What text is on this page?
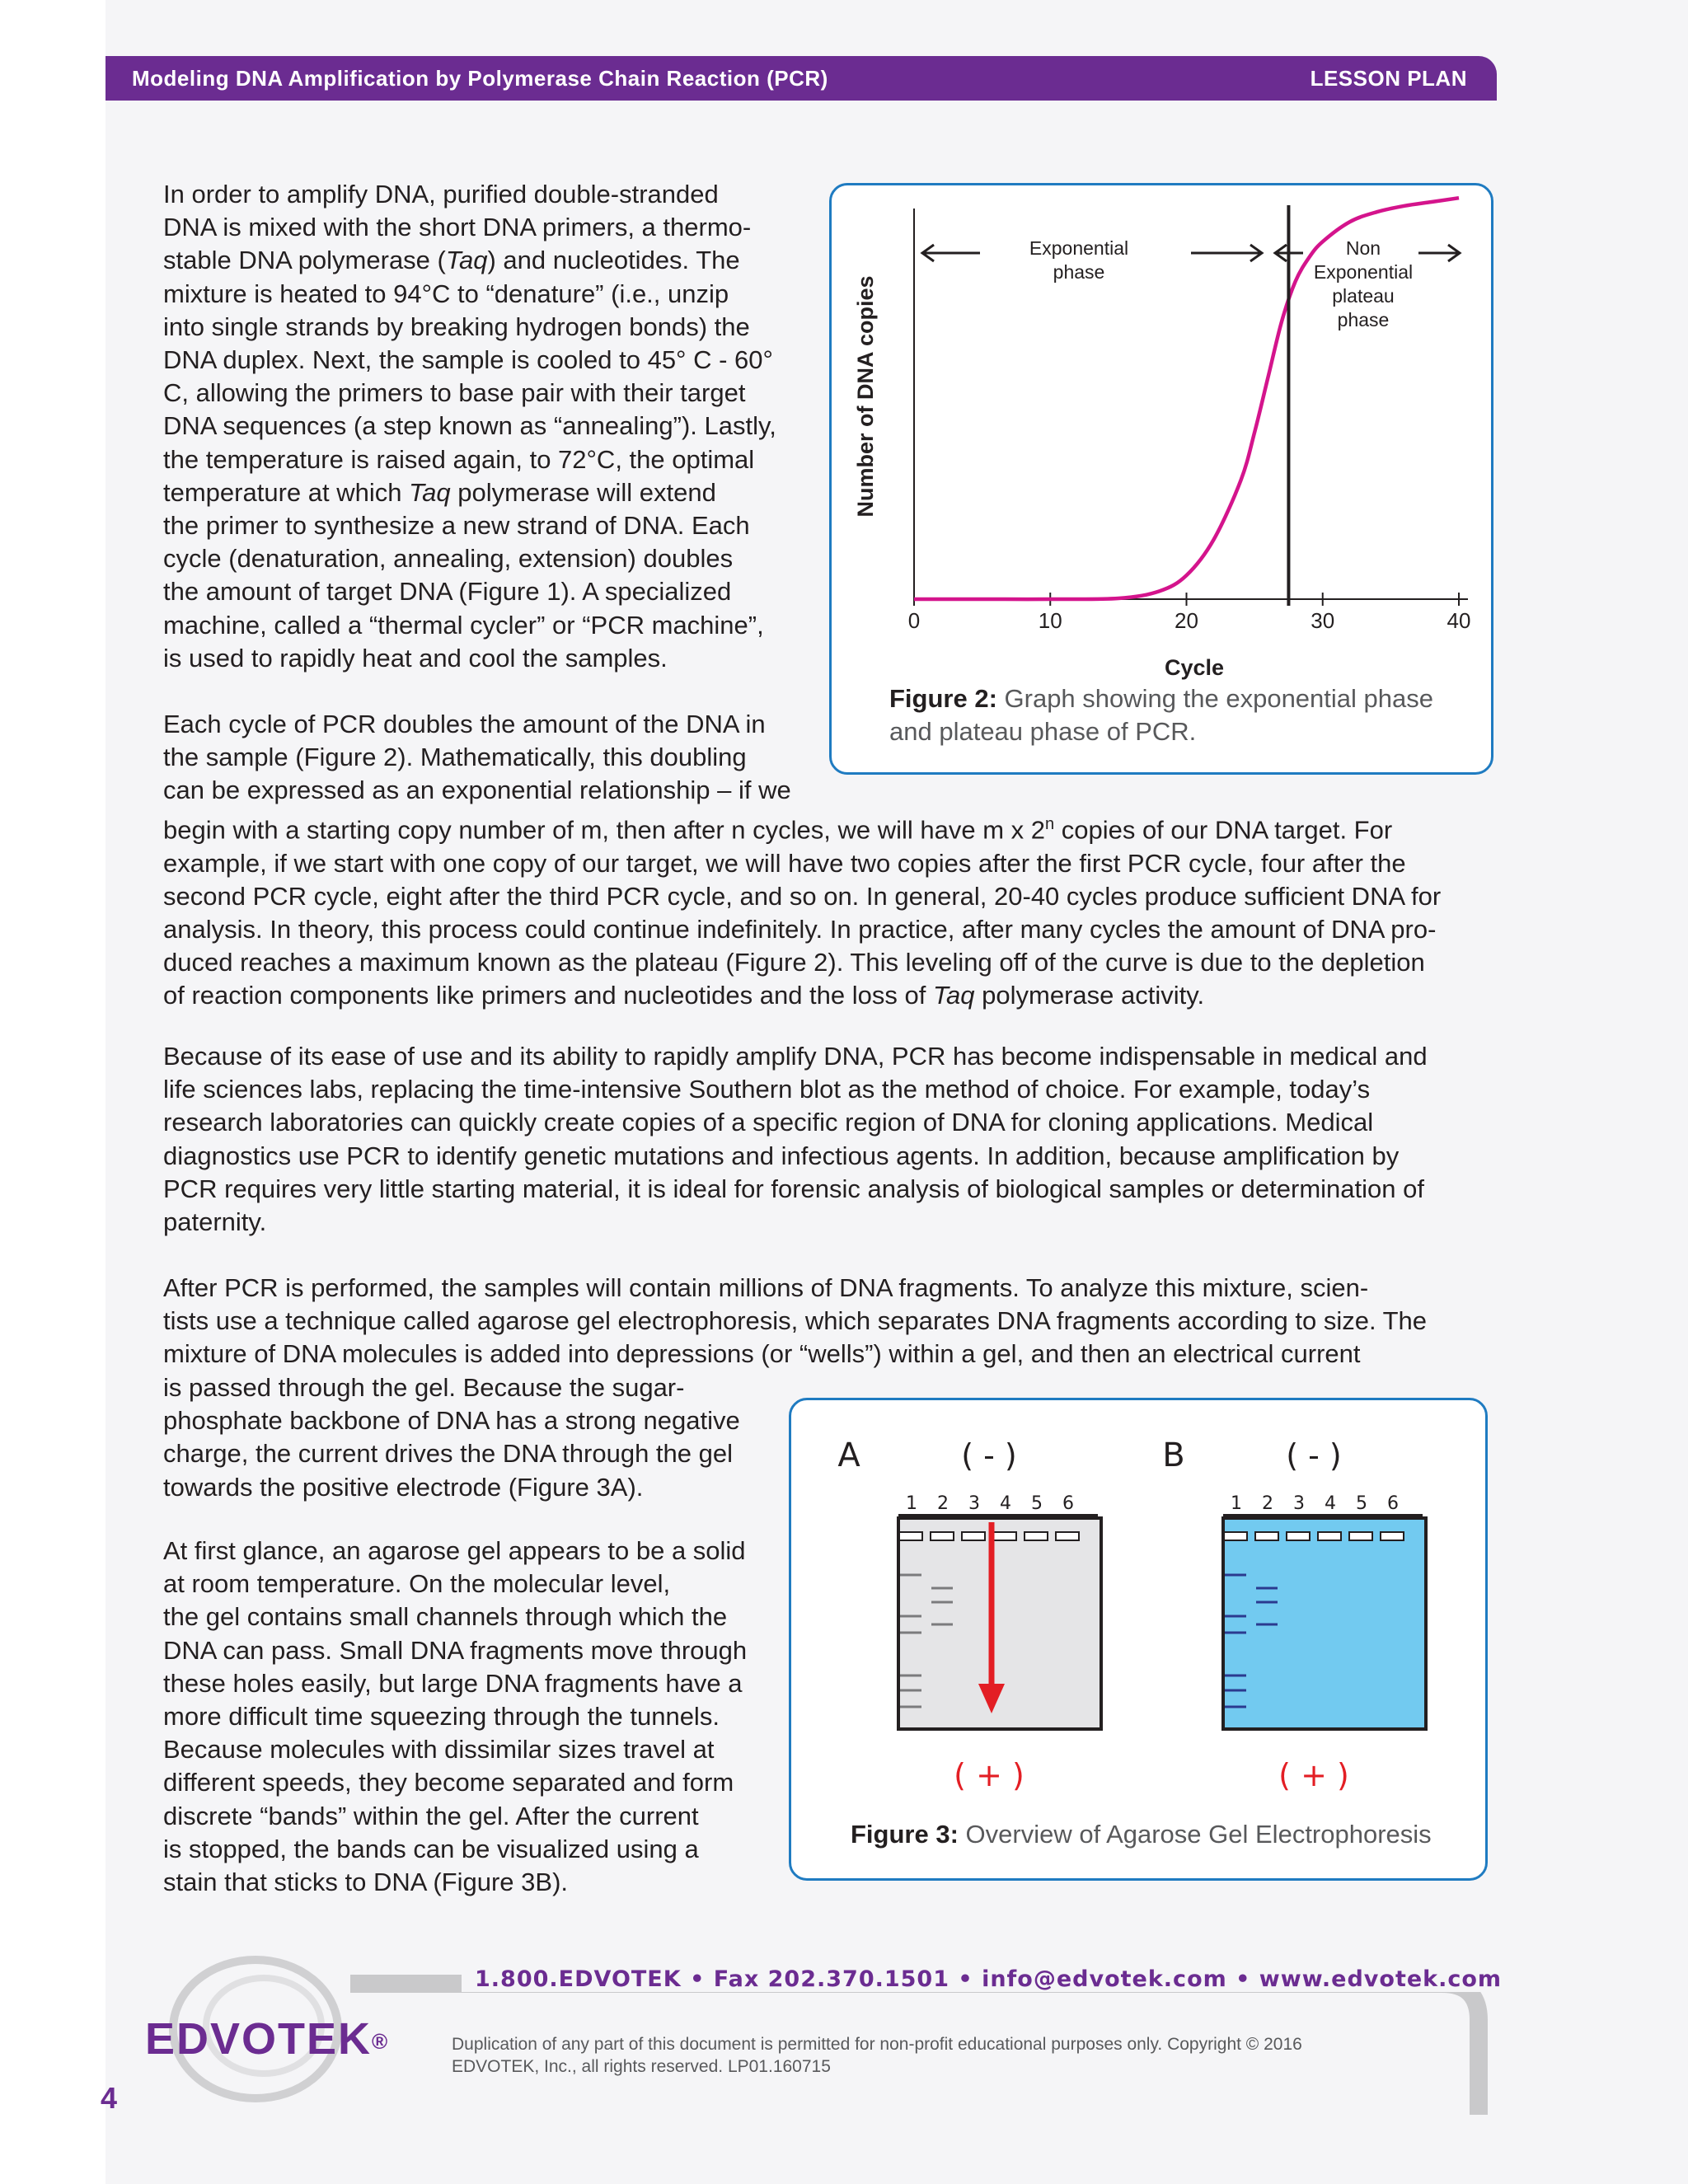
Modeling DNA Amplification by Polymerase Chain Reaction (PCR)	LESSON PLAN
In order to amplify DNA, purified double-stranded
DNA is mixed with the short DNA primers, a thermo-
stable DNA polymerase (Taq) and nucleotides. The
mixture is heated to 94°C to “denature” (i.e., unzip
into single strands by breaking hydrogen bonds) the
DNA duplex. Next, the sample is cooled to 45° C - 60°
C, allowing the primers to base pair with their target
DNA sequences (a step known as “annealing”). Lastly,
the temperature is raised again, to 72°C, the optimal
temperature at which Taq polymerase will extend
the primer to synthesize a new strand of DNA. Each
cycle (denaturation, annealing, extension) doubles
the amount of target DNA (Figure 1). A specialized
machine, called a “thermal cycler” or “PCR machine”,
is used to rapidly heat and cool the samples.
Each cycle of PCR doubles the amount of the DNA in
the sample (Figure 2). Mathematically, this doubling
can be expressed as an exponential relationship – if we
begin with a starting copy number of m, then after n cycles, we will have m x 2$^n$ copies of our DNA target. For
example, if we start with one copy of our target, we will have two copies after the first PCR cycle, four after the
second PCR cycle, eight after the third PCR cycle, and so on. In general, 20-40 cycles produce sufficient DNA for
analysis. In theory, this process could continue indefinitely. In practice, after many cycles the amount of DNA pro-
duced reaches a maximum known as the plateau (Figure 2). This leveling off of the curve is due to the depletion
of reaction components like primers and nucleotides and the loss of Taq polymerase activity.
Because of its ease of use and its ability to rapidly amplify DNA, PCR has become indispensable in medical and
life sciences labs, replacing the time-intensive Southern blot as the method of choice. For example, today’s
research laboratories can quickly create copies of a specific region of DNA for cloning applications. Medical
diagnostics use PCR to identify genetic mutations and infectious agents. In addition, because amplification by
PCR requires very little starting material, it is ideal for forensic analysis of biological samples or determination of
paternity.
After PCR is performed, the samples will contain millions of DNA fragments. To analyze this mixture, scien-
tists use a technique called agarose gel electrophoresis, which separates DNA fragments according to size. The
mixture of DNA molecules is added into depressions (or “wells”) within a gel, and then an electrical current
is passed through the gel. Because the sugar-
phosphate backbone of DNA has a strong negative
charge, the current drives the DNA through the gel
towards the positive electrode (Figure 3A).
At first glance, an agarose gel appears to be a solid
at room temperature. On the molecular level,
the gel contains small channels through which the
DNA can pass. Small DNA fragments move through
these holes easily, but large DNA fragments have a
more difficult time squeezing through the tunnels.
Because molecules with dissimilar sizes travel at
different speeds, they become separated and form
discrete “bands” within the gel. After the current
is stopped, the bands can be visualized using a
stain that sticks to DNA (Figure 3B).
0	10	20	30	40
Cycle
Number of DNA copies
Exponential
phase
Non
Exponential
plateau
phase
Figure 2: Graph showing the exponential phase
and plateau phase of PCR.
A	( - )
1 2 3 4 5 6
( + )
B	( - )
1 2 3 4 5 6
( + )
Figure 3: Overview of Agarose Gel Electrophoresis
1.800.EDVOTEK • Fax 202.370.1501 • info@edvotek.com • www.edvotek.com
Duplication of any part of this document is permitted for non-profit educational purposes only. Copyright © 2016
EDVOTEK, Inc., all rights reserved. LP01.160715
EDVOTEK®
4
